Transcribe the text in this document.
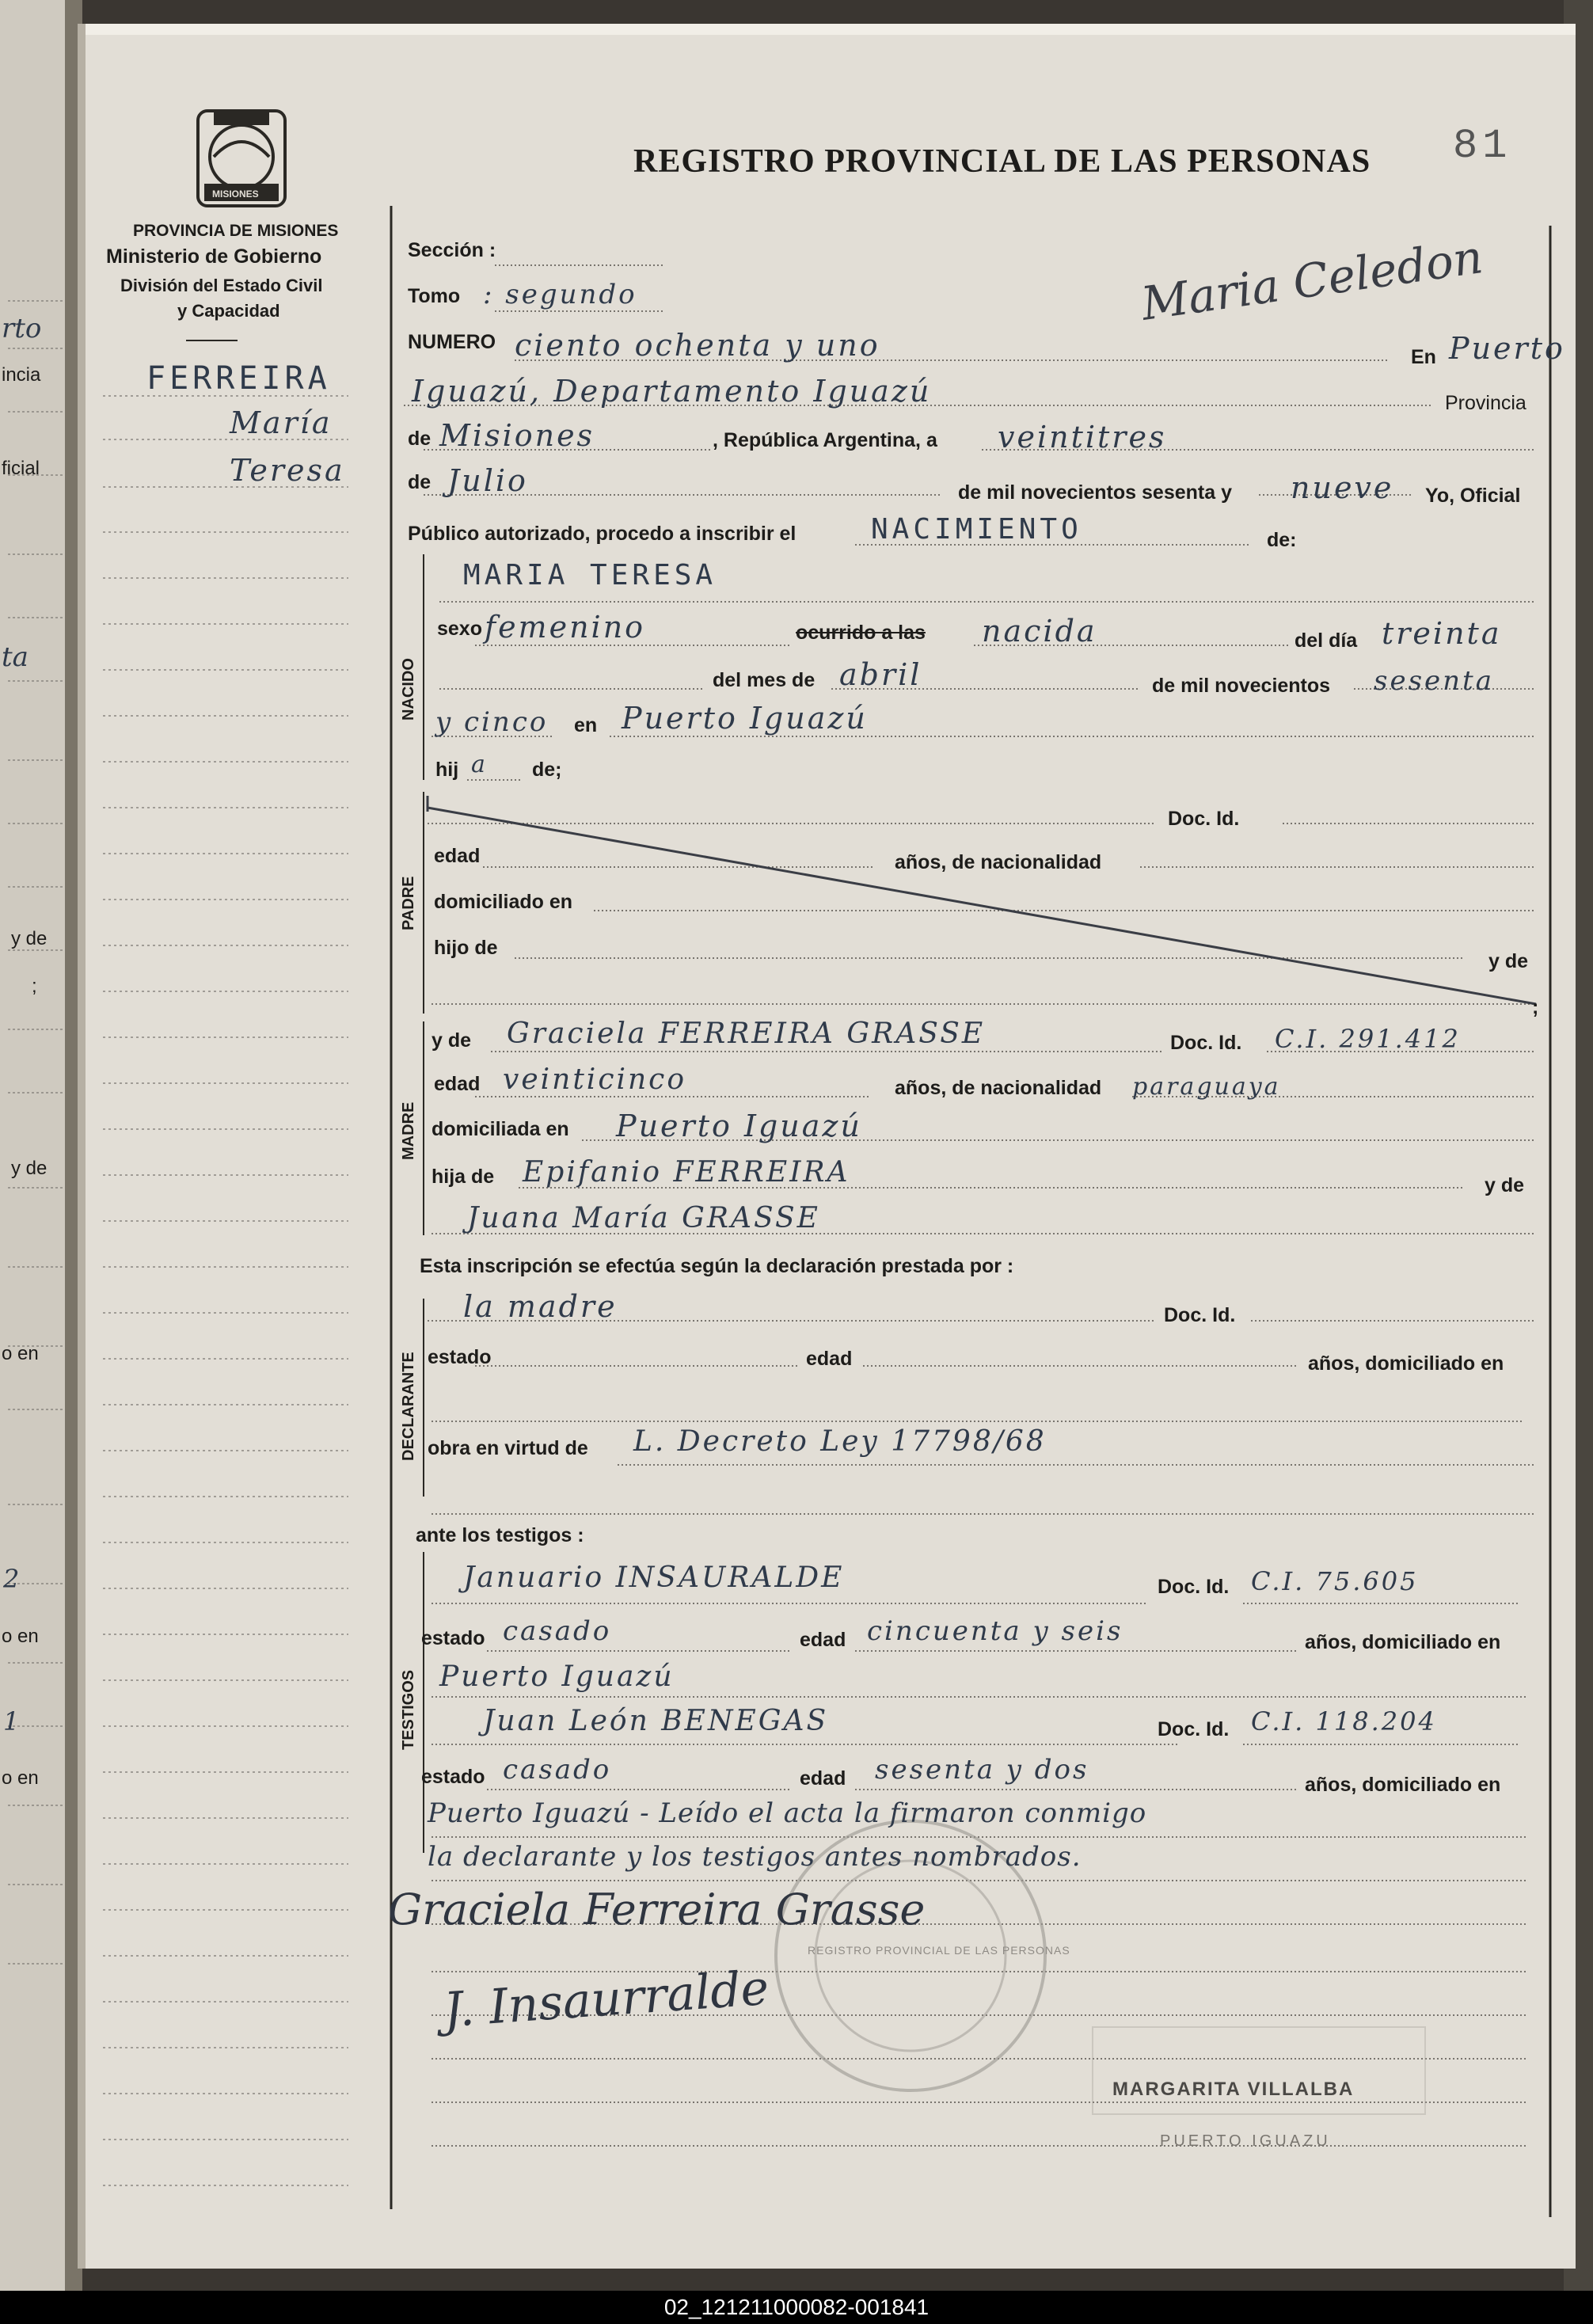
81
REGISTRO PROVINCIAL DE LAS PERSONAS
MISIONES
PROVINCIA DE MISIONES
Ministerio de Gobierno
División del Estado Civil
y Capacidad	Maria Celedon
FERREIRA
María
Teresa
rto
incia
ficial
ta
y de
;
y de
o en
o en
o en
2
1
Sección :
Tomo : segundo
NUMERO ciento ochenta y uno	En Puerto
Iguazú, Departamento Iguazú	Provincia
de Misiones	, República Argentina, a veintitres
de Julio	de mil novecientos sesenta y nueve Yo, Oficial
Público autorizado, procedo a inscribir el	NACIMIENTO	de:
MARIA TERESA
NACIDO
sexo femenino	ocurrido a las nacida	del día treinta
del mes de abril	de mil novecientos sesenta
y cinco en Puerto Iguazú
hij a de;
PADRE
Doc. Id.
edad	años, de nacionalidad
domiciliado en
hijo de
y de
;
MADRE
y de Graciela FERREIRA GRASSE	Doc. Id. C.I. 291.412
edad veinticinco	años, de nacionalidad paraguaya
domiciliada en Puerto Iguazú
hija de Epifanio FERREIRA	y de
Juana María GRASSE
Esta inscripción se efectúa según la declaración prestada por :
DECLARANTE
la madre	Doc. Id.
estado	edad	años, domiciliado en
obra en virtud de L. Decreto Ley 17798/68
ante los testigos :
TESTIGOS
Januario INSAURALDE	Doc. Id. C.I. 75.605
estado casado	edad cincuenta y seis	años, domiciliado en
Puerto Iguazú
Juan León BENEGAS	Doc. Id. C.I. 118.204
estado casado	edad sesenta y dos	años, domiciliado en
Puerto Iguazú - Leído el acta la firmaron conmigo
la declarante y los testigos antes nombrados.
Graciela Ferreira Grasse
J. Insaurralde
REGISTRO PROVINCIAL DE LAS PERSONAS
MARGARITA VILLALBA
PUERTO IGUAZU
02_121211000082-001841
